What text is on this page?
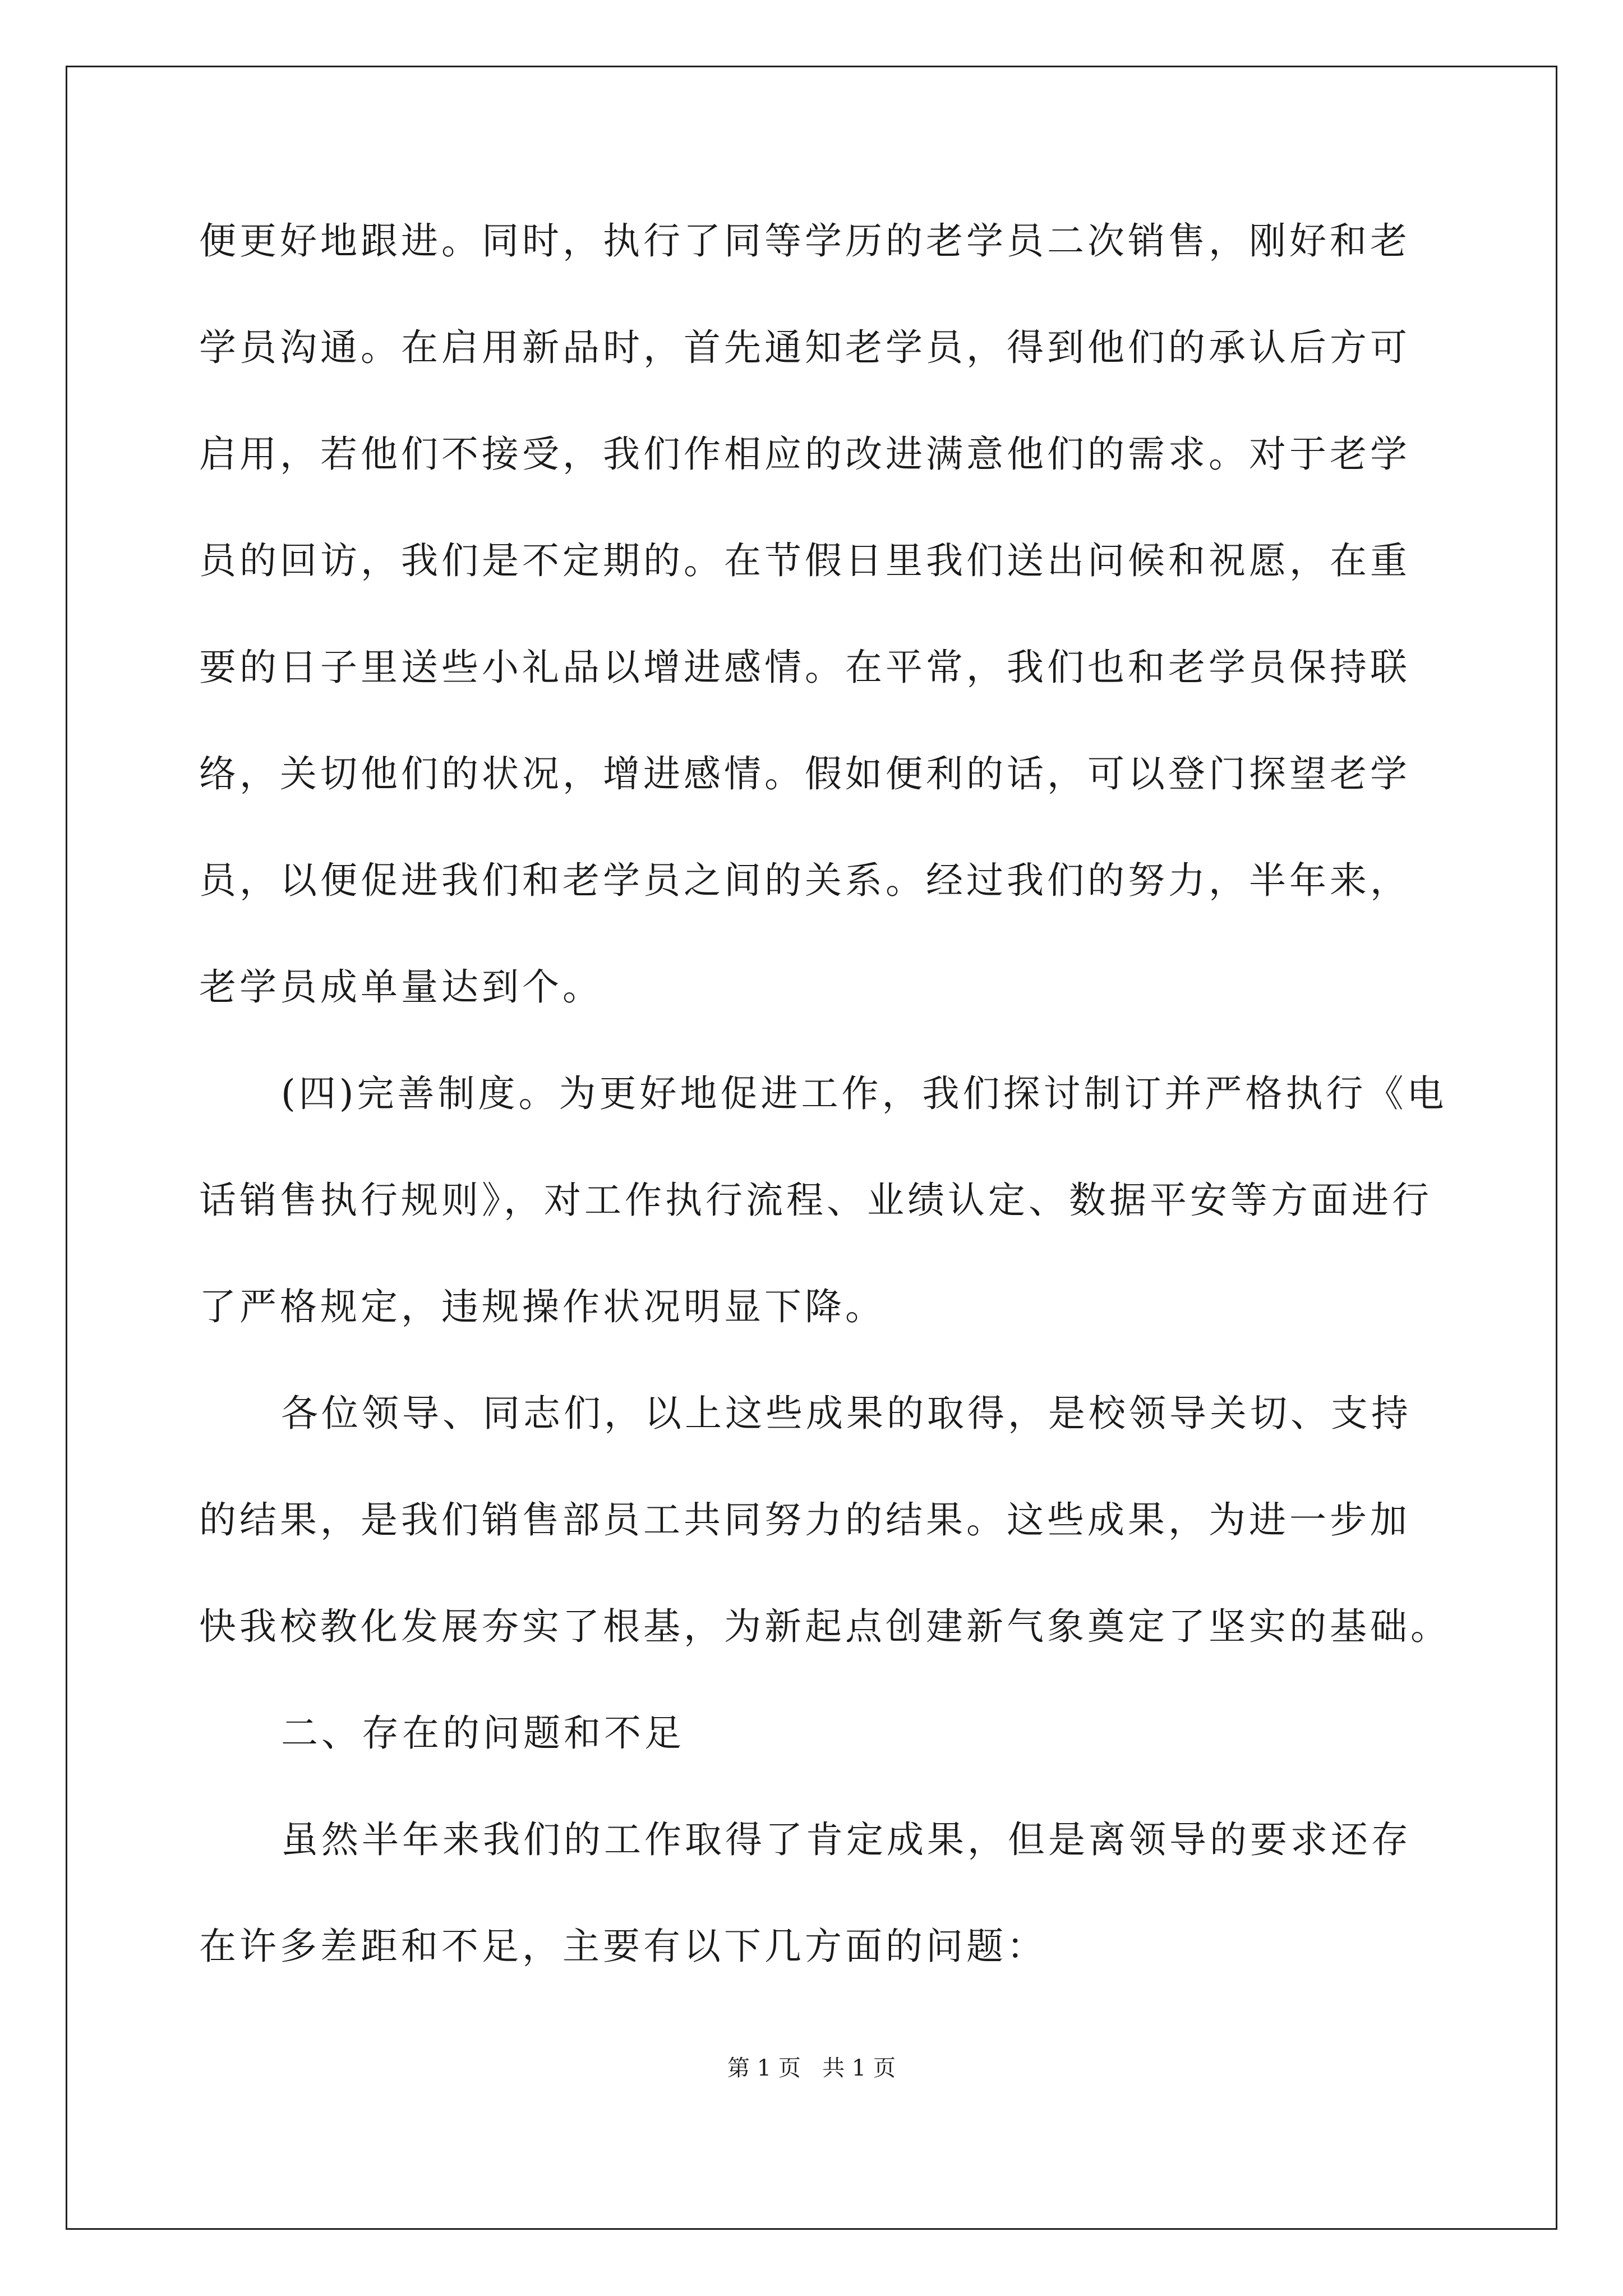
便更好地跟进。同时，执行了同等学历的老学员二次销售，刚好和老
学员沟通。在启用新品时，首先通知老学员，得到他们的承认后方可
启用，若他们不接受，我们作相应的改进满意他们的需求。对于老学
员的回访，我们是不定期的。在节假日里我们送出问候和祝愿，在重
要的日子里送些小礼品以增进感情。在平常，我们也和老学员保持联
络，关切他们的状况，增进感情。假如便利的话，可以登门探望老学
员，以便促进我们和老学员之间的关系。经过我们的努力，半年来，
老学员成单量达到个。
(四)完善制度。为更好地促进工作，我们探讨制订并严格执行《电
话销售执行规则》，对工作执行流程、业绩认定、数据平安等方面进行
了严格规定，违规操作状况明显下降。
各位领导、同志们，以上这些成果的取得，是校领导关切、支持
的结果，是我们销售部员工共同努力的结果。这些成果，为进一步加
快我校教化发展夯实了根基，为新起点创建新气象奠定了坚实的基础。
二、存在的问题和不足
虽然半年来我们的工作取得了肯定成果，但是离领导的要求还存
在许多差距和不足，主要有以下几方面的问题：
第 1 页   共 1 页
